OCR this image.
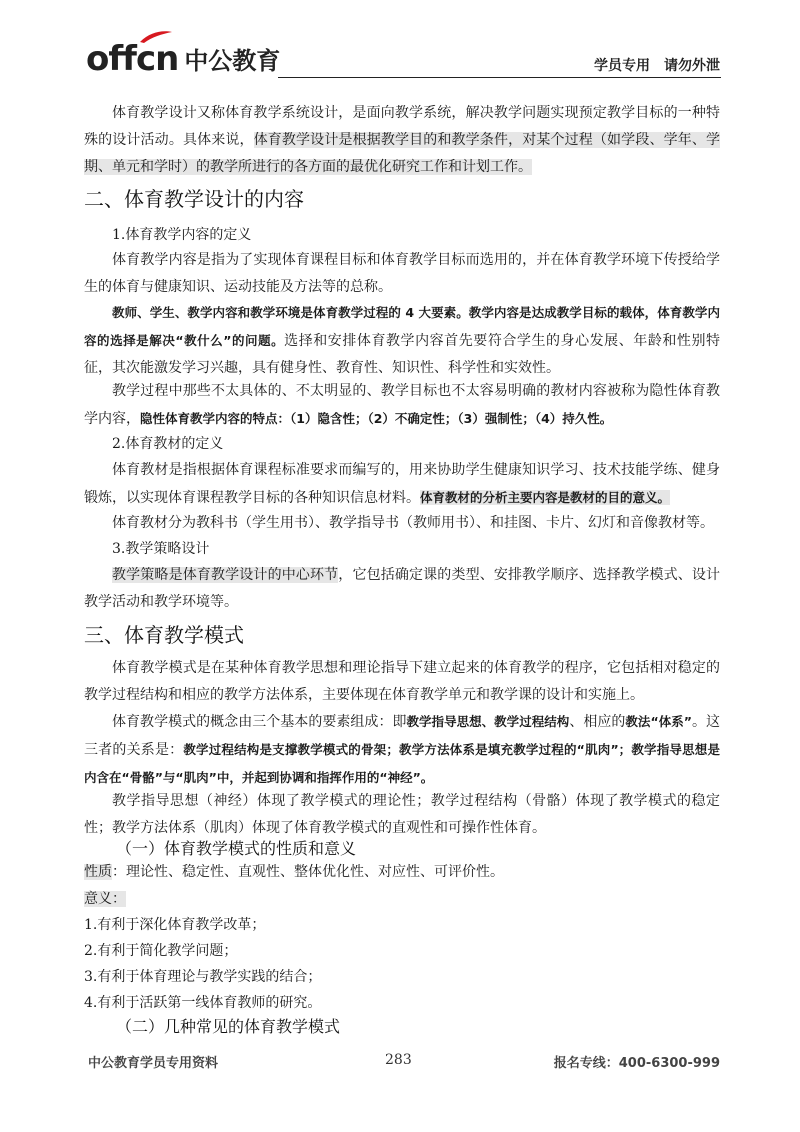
offcn 中公教育	学员专用　请勿外泄
体育教学设计又称体育教学系统设计，是面向教学系统，解决教学问题实现预定教学目标的一种特殊的设计活动。具体来说，体育教学设计是根据教学目的和教学条件，对某个过程（如学段、学年、学期、单元和学时）的教学所进行的各方面的最优化研究工作和计划工作。
二、体育教学设计的内容
1.体育教学内容的定义
体育教学内容是指为了实现体育课程目标和体育教学目标而选用的，并在体育教学环境下传授给学生的体育与健康知识、运动技能及方法等的总称。
教师、学生、教学内容和教学环境是体育教学过程的 4 大要素。教学内容是达成教学目标的载体，体育教学内容的选择是解决“教什么”的问题。选择和安排体育教学内容首先要符合学生的身心发展、年龄和性别特征，其次能激发学习兴趣，具有健身性、教育性、知识性、科学性和实效性。
教学过程中那些不太具体的、不太明显的、教学目标也不太容易明确的教材内容被称为隐性体育教学内容，隐性体育教学内容的特点：（1）隐含性；（2）不确定性；（3）强制性；（4）持久性。
2.体育教材的定义
体育教材是指根据体育课程标准要求而编写的，用来协助学生健康知识学习、技术技能学练、健身锻炼，以实现体育课程教学目标的各种知识信息材料。体育教材的分析主要内容是教材的目的意义。
体育教材分为教科书（学生用书）、教学指导书（教师用书）、和挂图、卡片、幻灯和音像教材等。
3.教学策略设计
教学策略是体育教学设计的中心环节，它包括确定课的类型、安排教学顺序、选择教学模式、设计教学活动和教学环境等。
三、体育教学模式
体育教学模式是在某种体育教学思想和理论指导下建立起来的体育教学的程序，它包括相对稳定的教学过程结构和相应的教学方法体系，主要体现在体育教学单元和教学课的设计和实施上。
体育教学模式的概念由三个基本的要素组成：即教学指导思想、教学过程结构、相应的教法“体系”。这三者的关系是：教学过程结构是支撑教学模式的骨架；教学方法体系是填充教学过程的“肌肉”；教学指导思想是内含在“骨骼”与“肌肉”中，并起到协调和指挥作用的“神经”。
教学指导思想（神经）体现了教学模式的理论性；教学过程结构（骨骼）体现了教学模式的稳定性；教学方法体系（肌肉）体现了体育教学模式的直观性和可操作性体育。
（一）体育教学模式的性质和意义
性质：理论性、稳定性、直观性、整体优化性、对应性、可评价性。
意义：
1.有利于深化体育教学改革；
2.有利于简化教学问题；
3.有利于体育理论与教学实践的结合；
4.有利于活跃第一线体育教师的研究。
（二）几种常见的体育教学模式
中公教育学员专用资料	283	报名专线：400-6300-999
